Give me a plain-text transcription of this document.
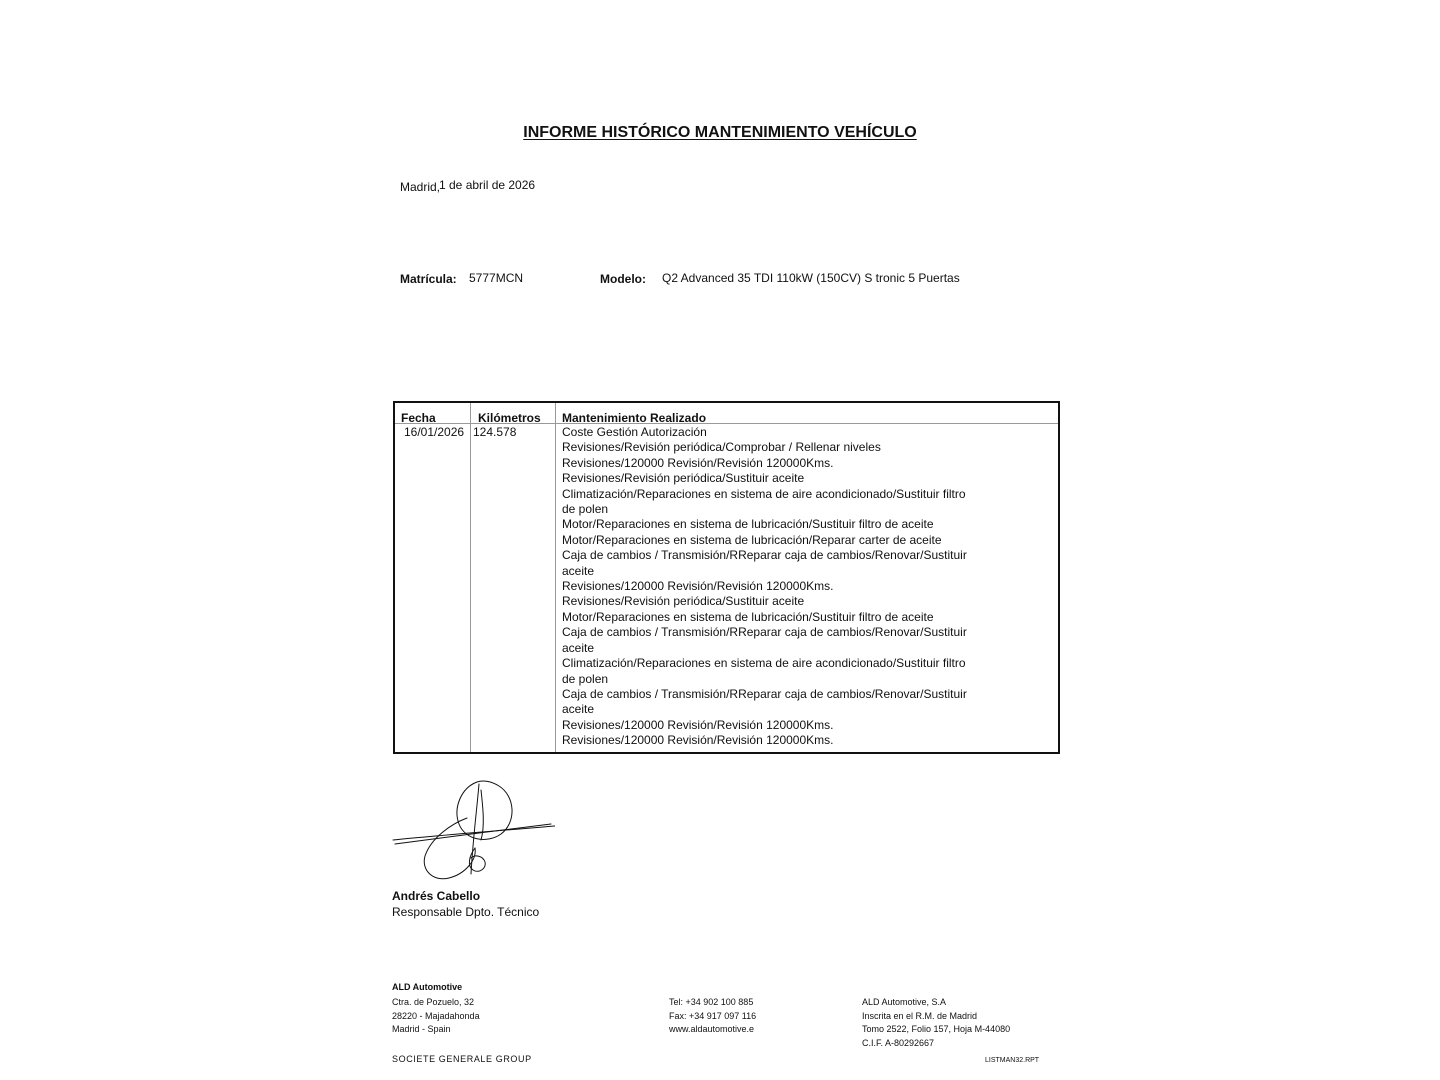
INFORME HISTÓRICO MANTENIMIENTO VEHÍCULO
Madrid,
1 de abril de 2026
Matrícula: 5777MCN	Modelo: Q2 Advanced 35 TDI 110kW (150CV) S tronic 5 Puertas
Fecha	Kilómetros Mantenimiento Realizado
16/01/2026 124.578	Coste Gestión Autorización
Revisiones/Revisión periódica/Comprobar / Rellenar niveles
Revisiones/120000 Revisión/Revisión 120000Kms.
Revisiones/Revisión periódica/Sustituir aceite
Climatización/Reparaciones en sistema de aire acondicionado/Sustituir filtro de polen
Motor/Reparaciones en sistema de lubricación/Sustituir filtro de aceite
Motor/Reparaciones en sistema de lubricación/Reparar carter de aceite
Caja de cambios / Transmisión/RReparar caja de cambios/Renovar/Sustituir aceite
Revisiones/120000 Revisión/Revisión 120000Kms.
Revisiones/Revisión periódica/Sustituir aceite
Motor/Reparaciones en sistema de lubricación/Sustituir filtro de aceite
Caja de cambios / Transmisión/RReparar caja de cambios/Renovar/Sustituir aceite
Climatización/Reparaciones en sistema de aire acondicionado/Sustituir filtro de polen
Caja de cambios / Transmisión/RReparar caja de cambios/Renovar/Sustituir aceite
Revisiones/120000 Revisión/Revisión 120000Kms.
Revisiones/120000 Revisión/Revisión 120000Kms.
Andrés Cabello
Responsable Dpto. Técnico
ALD Automotive
Ctra. de Pozuelo, 32
28220 - Majadahonda
Madrid - Spain
Tel: +34 902 100 885
Fax: +34 917 097 116
www.aldautomotive.e
ALD Automotive, S.A
Inscrita en el R.M. de Madrid
Tomo 2522, Folio 157, Hoja M-44080
C.I.F. A-80292667
SOCIETE GENERALE GROUP	LISTMAN32.RPT
